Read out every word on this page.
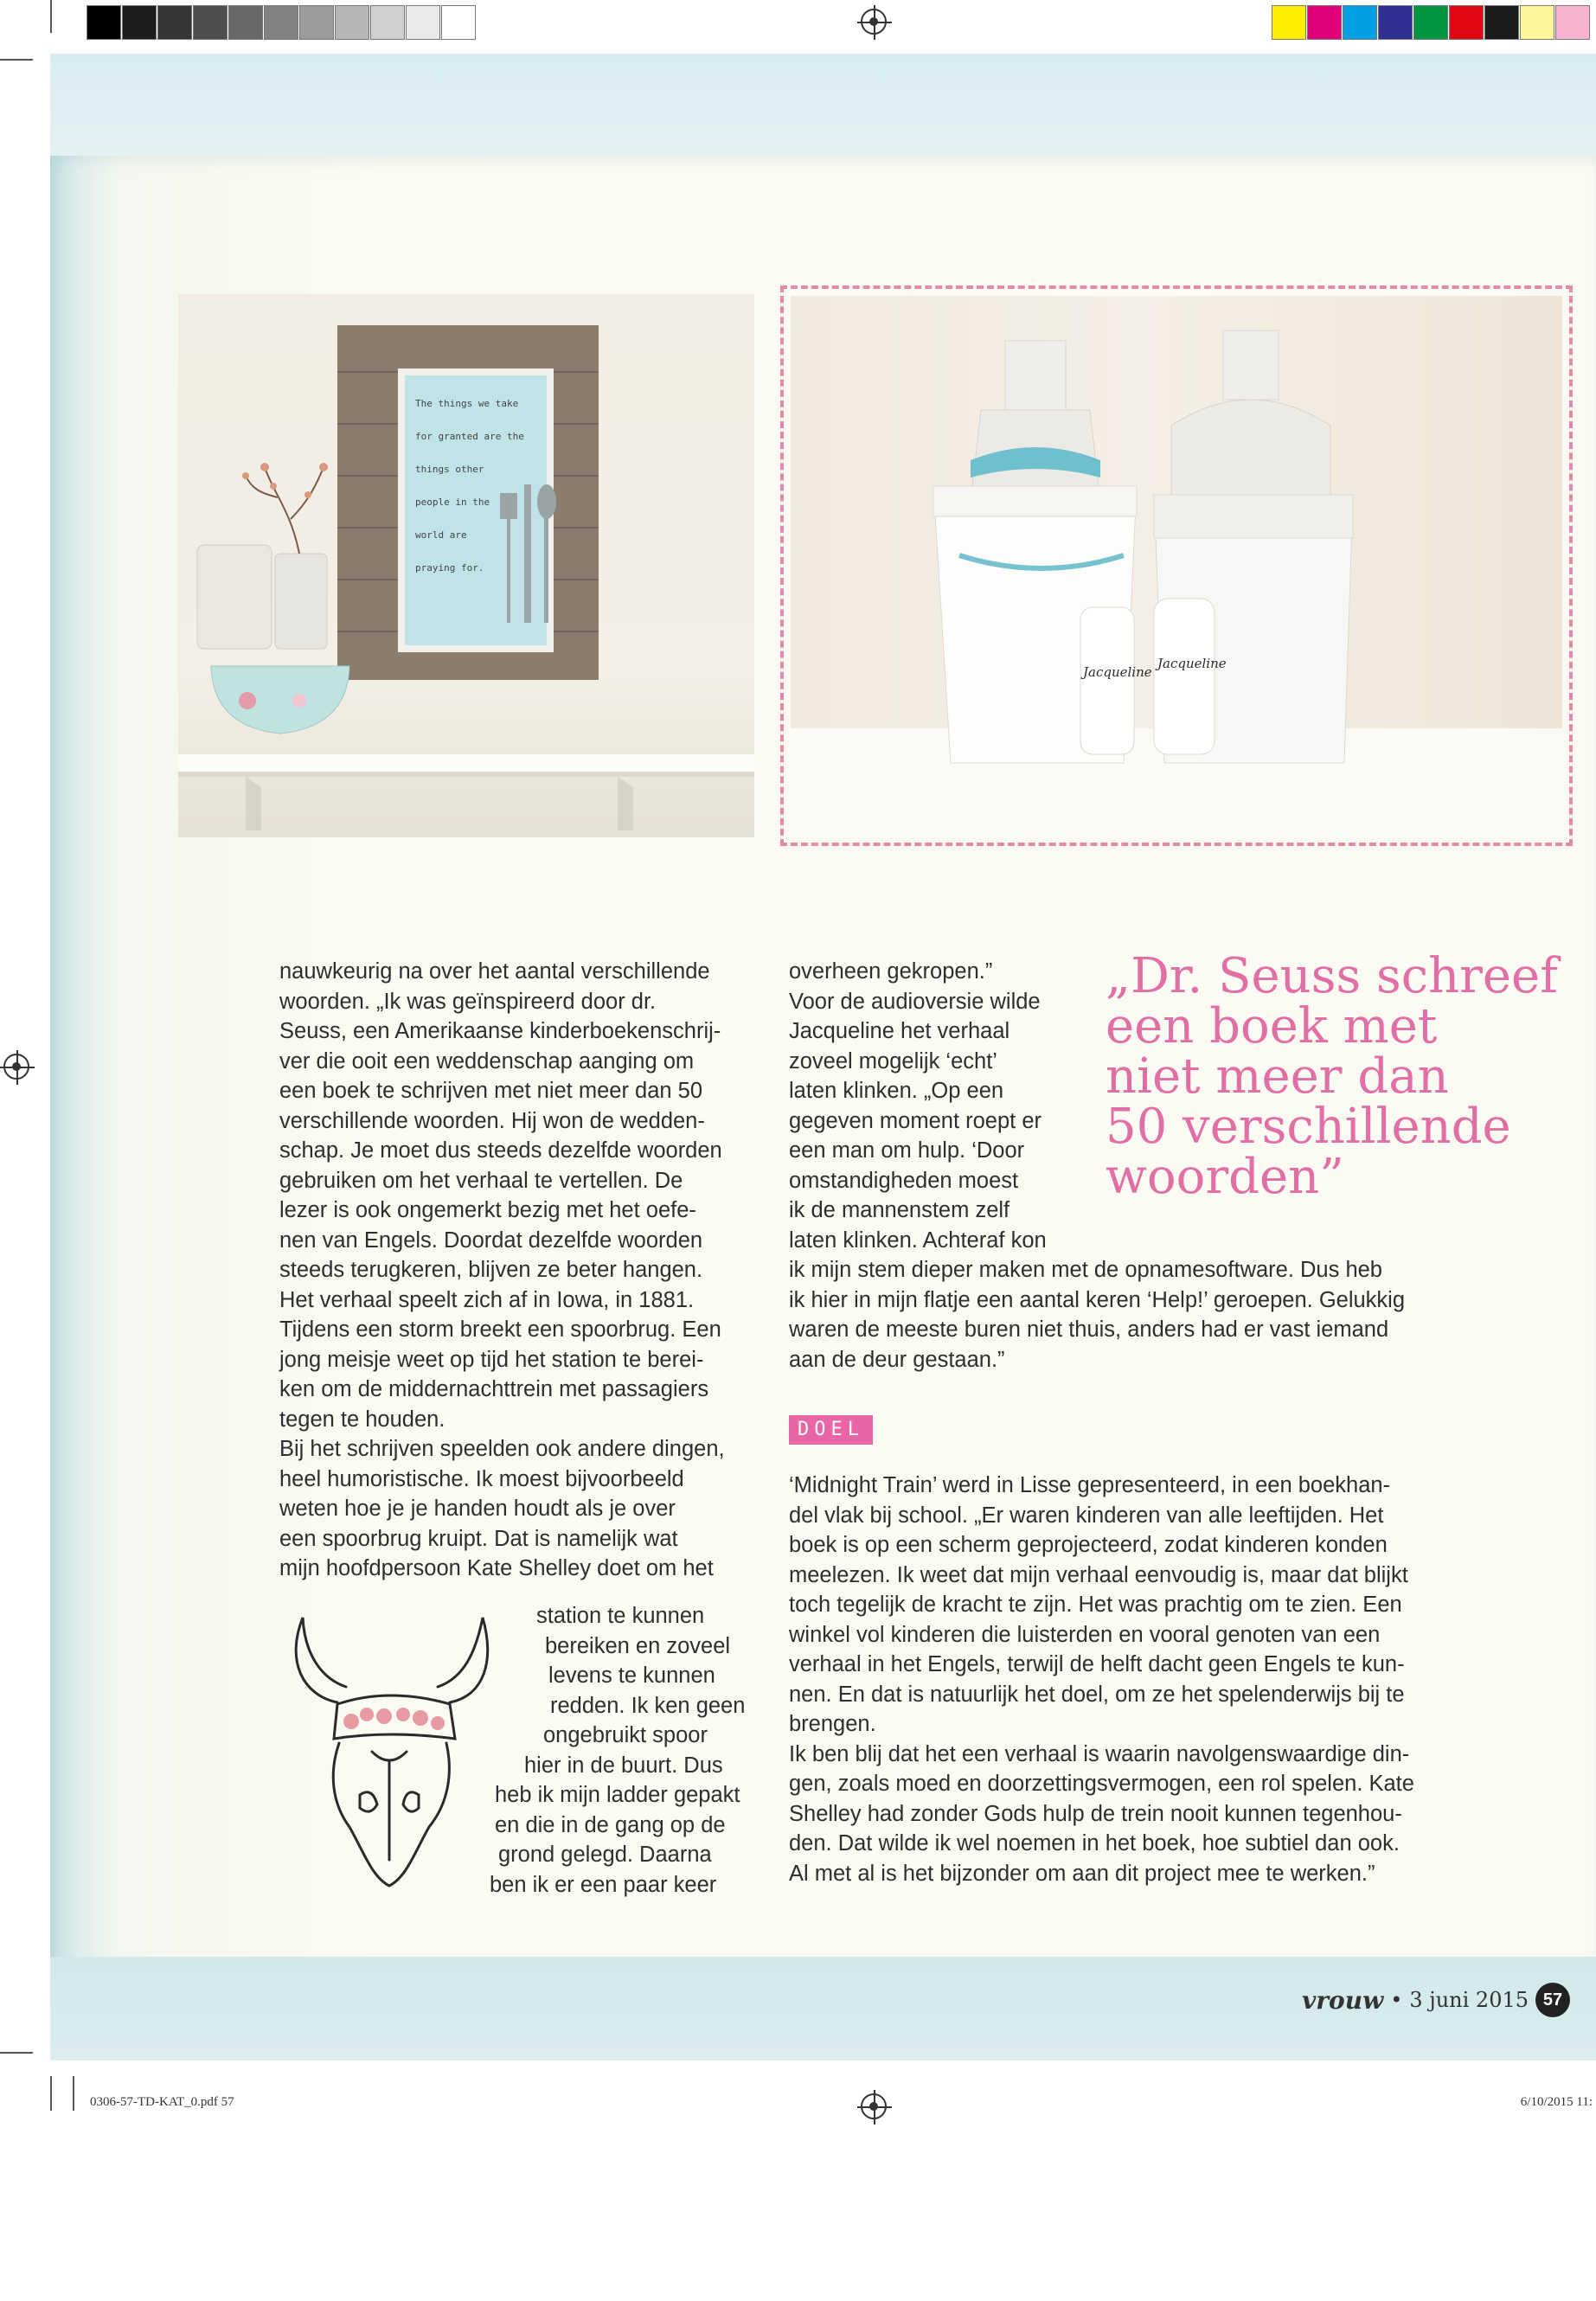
The things we take
for granted are the
things other
people in the
world are
praying for.
Jacqueline
Jacqueline
nauwkeurig na over het aantal verschillende
woorden. „Ik was geïnspireerd door dr.
Seuss, een Amerikaanse kinderboekenschrij-
ver die ooit een weddenschap aanging om
een boek te schrijven met niet meer dan 50
verschillende woorden. Hij won de wedden-
schap. Je moet dus steeds dezelfde woorden
gebruiken om het verhaal te vertellen. De
lezer is ook ongemerkt bezig met het oefe-
nen van Engels. Doordat dezelfde woorden
steeds terugkeren, blijven ze beter hangen.
Het verhaal speelt zich af in Iowa, in 1881.
Tijdens een storm breekt een spoorbrug. Een
jong meisje weet op tijd het station te berei-
ken om de middernachttrein met passagiers
tegen te houden.
Bij het schrijven speelden ook andere dingen,
heel humoristische. Ik moest bijvoorbeeld
weten hoe je je handen houdt als je over
een spoorbrug kruipt. Dat is namelijk wat
mijn hoofdpersoon Kate Shelley doet om het
station te kunnen
bereiken en zoveel
levens te kunnen
redden. Ik ken geen
ongebruikt spoor
hier in de buurt. Dus
heb ik mijn ladder gepakt
en die in de gang op de
grond gelegd. Daarna
ben ik er een paar keer
overheen gekropen.”
Voor de audioversie wilde
Jacqueline het verhaal
zoveel mogelijk ‘echt’
laten klinken. „Op een
gegeven moment roept er
een man om hulp. ‘Door
omstandigheden moest
ik de mannenstem zelf
laten klinken. Achteraf kon
„Dr. Seuss schreef
een boek met
niet meer dan
50 verschillende
woorden”
ik mijn stem dieper maken met de opnamesoftware. Dus heb
ik hier in mijn flatje een aantal keren ‘Help!’ geroepen. Gelukkig
waren de meeste buren niet thuis, anders had er vast iemand
aan de deur gestaan.”
DOEL
‘Midnight Train’ werd in Lisse gepresenteerd, in een boekhan-
del vlak bij school. „Er waren kinderen van alle leeftijden. Het
boek is op een scherm geprojecteerd, zodat kinderen konden
meelezen. Ik weet dat mijn verhaal eenvoudig is, maar dat blijkt
toch tegelijk de kracht te zijn. Het was prachtig om te zien. Een
winkel vol kinderen die luisterden en vooral genoten van een
verhaal in het Engels, terwijl de helft dacht geen Engels te kun-
nen. En dat is natuurlijk het doel, om ze het spelenderwijs bij te
brengen.
Ik ben blij dat het een verhaal is waarin navolgenswaardige din-
gen, zoals moed en doorzettingsvermogen, een rol spelen. Kate
Shelley had zonder Gods hulp de trein nooit kunnen tegenhou-
den. Dat wilde ik wel noemen in het boek, hoe subtiel dan ook.
Al met al is het bijzonder om aan dit project mee te werken.”
vrouw • 3 juni 2015 57
0306-57-TD-KAT_0.pdf 57	6/10/2015 11:
